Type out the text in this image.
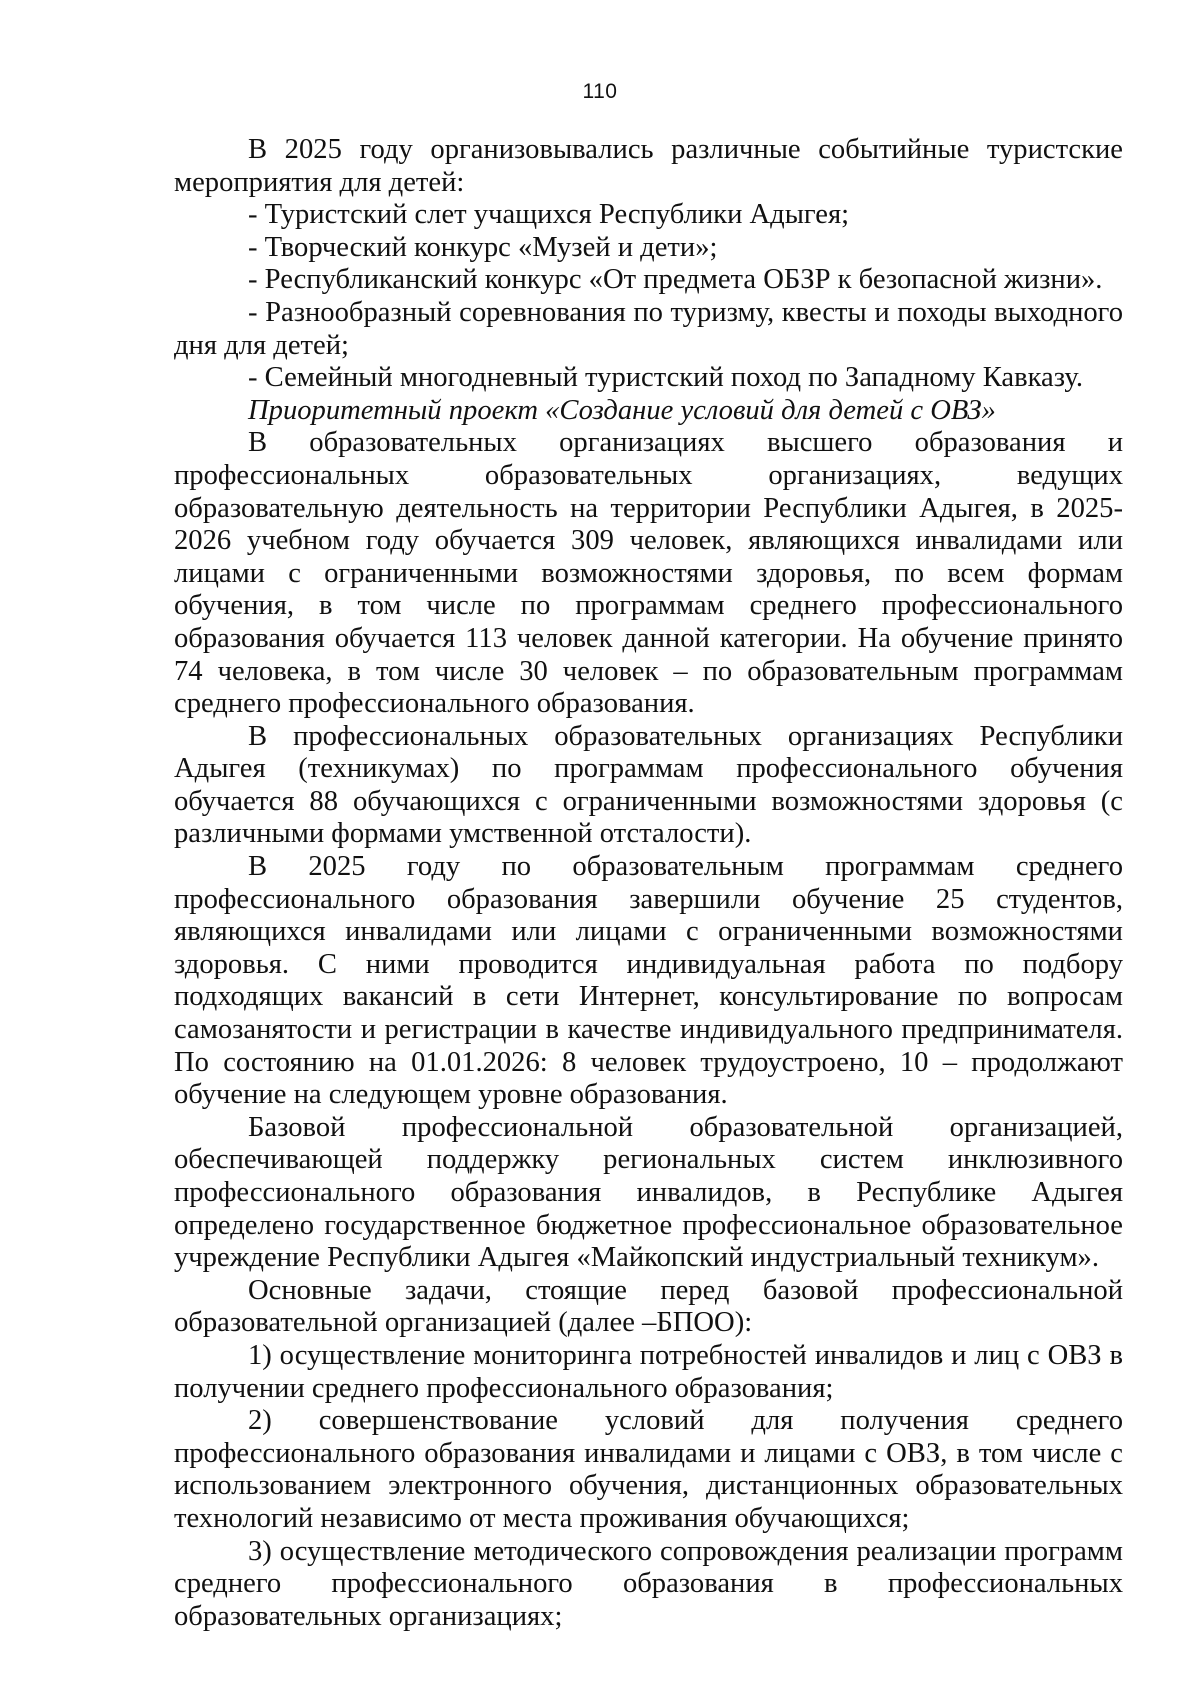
110

В 2025 году организовывались различные событийные туристские мероприятия для детей:

- Туристский слет учащихся Республики Адыгея;

- Творческий конкурс «Музей и дети»;

- Республиканский конкурс «От предмета ОБЗР к безопасной жизни».

- Разнообразный соревнования по туризму, квесты и походы выходного дня для детей;

- Семейный многодневный туристский поход по Западному Кавказу.

Приоритетный проект «Создание условий для детей с ОВЗ»

В образовательных организациях высшего образования и профессиональных образовательных организациях, ведущих образовательную деятельность на территории Республики Адыгея, в 2025-2026 учебном году обучается 309 человек, являющихся инвалидами или лицами с ограниченными возможностями здоровья, по всем формам обучения, в том числе по программам среднего профессионального образования обучается 113 человек данной категории. На обучение принято 74 человека, в том числе 30 человек – по образовательным программам среднего профессионального образования.

В профессиональных образовательных организациях Республики Адыгея (техникумах) по программам профессионального обучения обучается 88 обучающихся с ограниченными возможностями здоровья (с различными формами умственной отсталости).

В 2025 году по образовательным программам среднего профессионального образования завершили обучение 25 студентов, являющихся инвалидами или лицами с ограниченными возможностями здоровья. С ними проводится индивидуальная работа по подбору подходящих вакансий в сети Интернет, консультирование по вопросам самозанятости и регистрации в качестве индивидуального предпринимателя. По состоянию на 01.01.2026: 8 человек трудоустроено, 10 – продолжают обучение на следующем уровне образования.

Базовой профессиональной образовательной организацией, обеспечивающей поддержку региональных систем инклюзивного профессионального образования инвалидов, в Республике Адыгея определено государственное бюджетное профессиональное образовательное учреждение Республики Адыгея «Майкопский индустриальный техникум».

Основные задачи, стоящие перед базовой профессиональной образовательной организацией (далее –БПОО):

1) осуществление мониторинга потребностей инвалидов и лиц с ОВЗ в получении среднего профессионального образования;

2) совершенствование условий для получения среднего профессионального образования инвалидами и лицами с ОВЗ, в том числе с использованием электронного обучения, дистанционных образовательных технологий независимо от места проживания обучающихся;

3) осуществление методического сопровождения реализации программ среднего профессионального образования в профессиональных образовательных организациях;
